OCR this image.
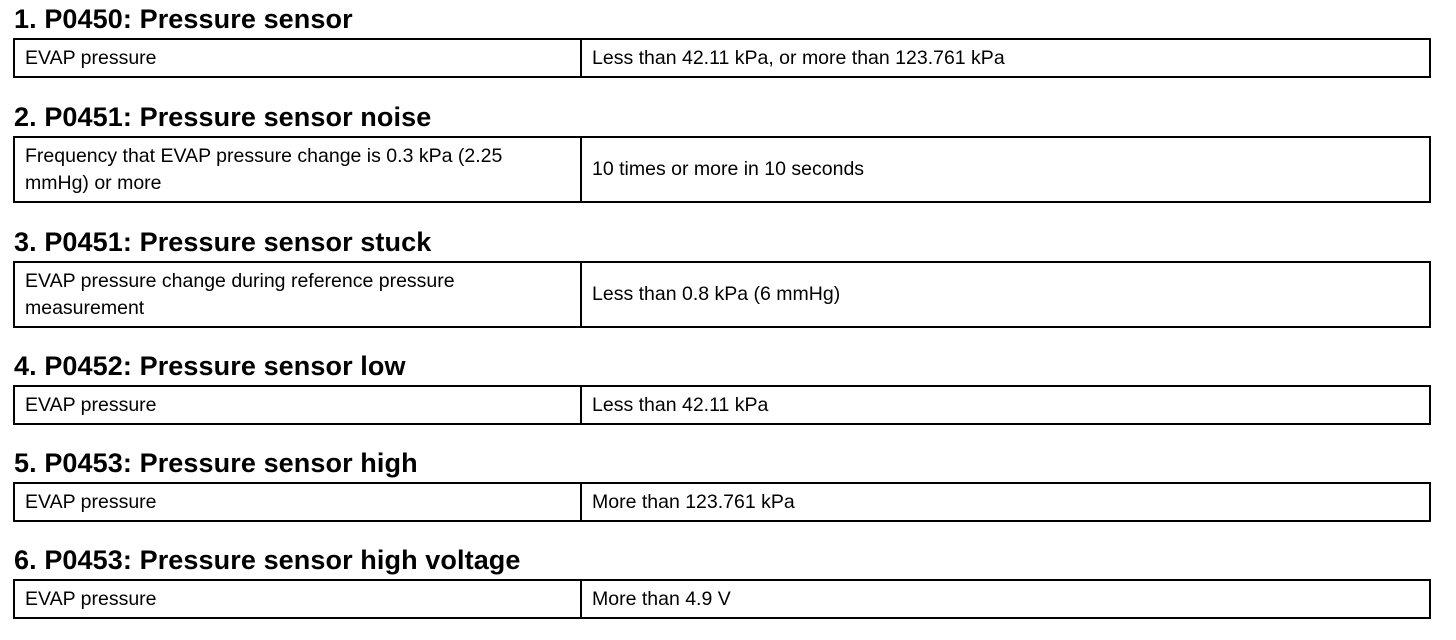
1. P0450: Pressure sensor
EVAP pressure	Less than 42.11 kPa, or more than 123.761 kPa
2. P0451: Pressure sensor noise
Frequency that EVAP pressure change is 0.3 kPa (2.25 mmHg) or more	10 times or more in 10 seconds
3. P0451: Pressure sensor stuck
EVAP pressure change during reference pressure measurement	Less than 0.8 kPa (6 mmHg)
4. P0452: Pressure sensor low
EVAP pressure	Less than 42.11 kPa
5. P0453: Pressure sensor high
EVAP pressure	More than 123.761 kPa
6. P0453: Pressure sensor high voltage
EVAP pressure	More than 4.9 V
